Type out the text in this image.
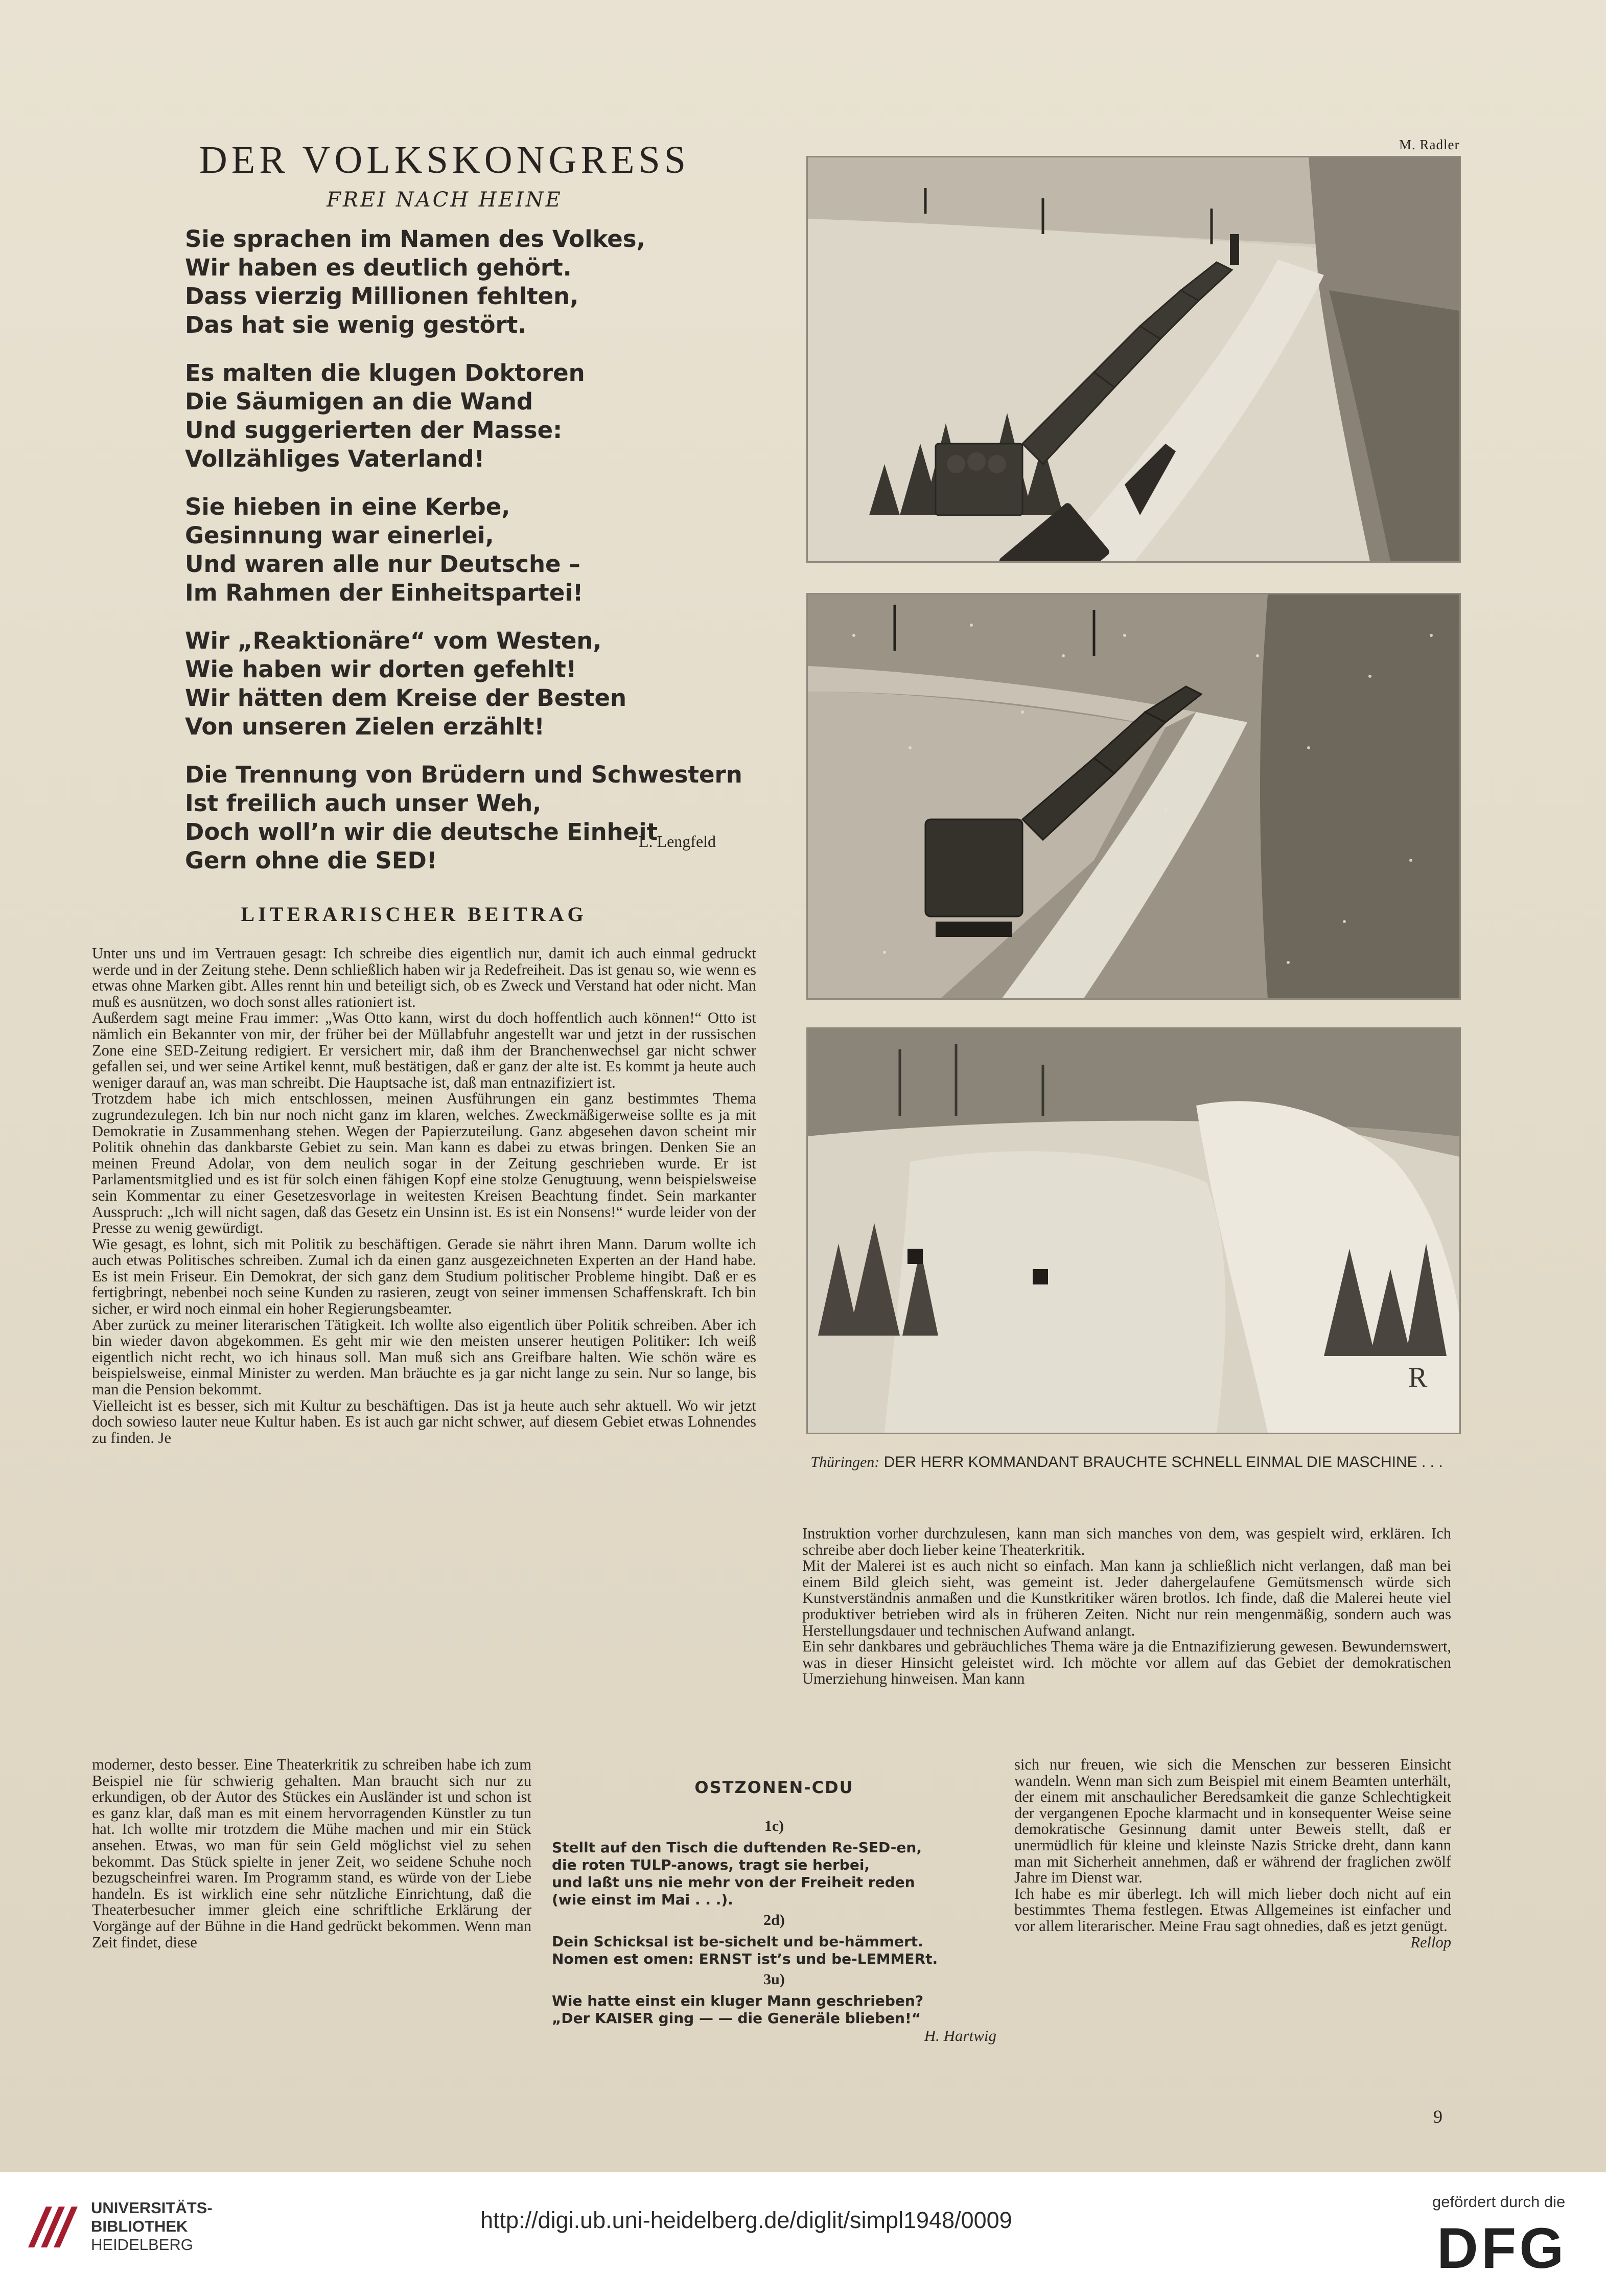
DER VOLKSKONGRESS
FREI NACH HEINE
Sie sprachen im Namen des Volkes,
Wir haben es deutlich gehört.
Dass vierzig Millionen fehlten,
Das hat sie wenig gestört.
Es malten die klugen Doktoren
Die Säumigen an die Wand
Und suggerierten der Masse:
Vollzähliges Vaterland!
Sie hieben in eine Kerbe,
Gesinnung war einerlei,
Und waren alle nur Deutsche –
Im Rahmen der Einheitspartei!
Wir „Reaktionäre“ vom Westen,
Wie haben wir dorten gefehlt!
Wir hätten dem Kreise der Besten
Von unseren Zielen erzählt!
Die Trennung von Brüdern und Schwestern
Ist freilich auch unser Weh,
Doch woll’n wir die deutsche Einheit
Gern ohne die SED!
L. Lengfeld
LITERARISCHER BEITRAG

Unter uns und im Vertrauen gesagt: Ich schreibe dies eigentlich nur, damit ich auch einmal gedruckt werde und in der Zeitung stehe. Denn schließlich haben wir ja Redefreiheit. Das ist genau so, wie wenn es etwas ohne Marken gibt. Alles rennt hin und beteiligt sich, ob es Zweck und Verstand hat oder nicht. Man muß es ausnützen, wo doch sonst alles rationiert ist.

Außerdem sagt meine Frau immer: „Was Otto kann, wirst du doch hoffentlich auch können!“ Otto ist nämlich ein Bekannter von mir, der früher bei der Müllabfuhr angestellt war und jetzt in der russischen Zone eine SED-Zeitung redigiert. Er versichert mir, daß ihm der Branchenwechsel gar nicht schwer gefallen sei, und wer seine Artikel kennt, muß bestätigen, daß er ganz der alte ist. Es kommt ja heute auch weniger darauf an, was man schreibt. Die Hauptsache ist, daß man entnazifiziert ist.

Trotzdem habe ich mich entschlossen, meinen Ausführungen ein ganz bestimmtes Thema zugrundezulegen. Ich bin nur noch nicht ganz im klaren, welches. Zweckmäßigerweise sollte es ja mit Demokratie in Zusammenhang stehen. Wegen der Papierzuteilung. Ganz abgesehen davon scheint mir Politik ohnehin das dankbarste Gebiet zu sein. Man kann es dabei zu etwas bringen. Denken Sie an meinen Freund Adolar, von dem neulich sogar in der Zeitung geschrieben wurde. Er ist Parlamentsmitglied und es ist für solch einen fähigen Kopf eine stolze Genugtuung, wenn beispielsweise sein Kommentar zu einer Gesetzesvorlage in weitesten Kreisen Beachtung findet. Sein markanter Ausspruch: „Ich will nicht sagen, daß das Gesetz ein Unsinn ist. Es ist ein Nonsens!“ wurde leider von der Presse zu wenig gewürdigt.

Wie gesagt, es lohnt, sich mit Politik zu beschäftigen. Gerade sie nährt ihren Mann. Darum wollte ich auch etwas Politisches schreiben. Zumal ich da einen ganz ausgezeichneten Experten an der Hand habe. Es ist mein Friseur. Ein Demokrat, der sich ganz dem Studium politischer Probleme hingibt. Daß er es fertigbringt, nebenbei noch seine Kunden zu rasieren, zeugt von seiner immensen Schaffenskraft. Ich bin sicher, er wird noch einmal ein hoher Regierungsbeamter.

Aber zurück zu meiner literarischen Tätigkeit. Ich wollte also eigentlich über Politik schreiben. Aber ich bin wieder davon abgekommen. Es geht mir wie den meisten unserer heutigen Politiker: Ich weiß eigentlich nicht recht, wo ich hinaus soll. Man muß sich ans Greifbare halten. Wie schön wäre es beispielsweise, einmal Minister zu werden. Man bräuchte es ja gar nicht lange zu sein. Nur so lange, bis man die Pension bekommt.

Vielleicht ist es besser, sich mit Kultur zu beschäftigen. Das ist ja heute auch sehr aktuell. Wo wir jetzt doch sowieso lauter neue Kultur haben. Es ist auch gar nicht schwer, auf diesem Gebiet etwas Lohnendes zu finden. Je

moderner, desto besser. Eine Theaterkritik zu schreiben habe ich zum Beispiel nie für schwierig gehalten. Man braucht sich nur zu erkundigen, ob der Autor des Stückes ein Ausländer ist und schon ist es ganz klar, daß man es mit einem hervorragenden Künstler zu tun hat. Ich wollte mir trotzdem die Mühe machen und mir ein Stück ansehen. Etwas, wo man für sein Geld möglichst viel zu sehen bekommt. Das Stück spielte in jener Zeit, wo seidene Schuhe noch bezugscheinfrei waren. Im Programm stand, es würde von der Liebe handeln. Es ist wirklich eine sehr nützliche Einrichtung, daß die Theaterbesucher immer gleich eine schriftliche Erklärung der Vorgänge auf der Bühne in die Hand gedrückt bekommen. Wenn man Zeit findet, diese

OSTZONEN-CDU
1c)
Stellt auf den Tisch die duftenden Re-SED-en,
die roten TULP-anows, tragt sie herbei,
und laßt uns nie mehr von der Freiheit reden
(wie einst im Mai . . .).
2d)
Dein Schicksal ist be-sichelt und be-hämmert.
Nomen est omen: ERNST ist’s und be-LEMMERt.
3u)
Wie hatte einst ein kluger Mann geschrieben?
„Der KAISER ging — — die Generäle blieben!“
H. Hartwig

Instruktion vorher durchzulesen, kann man sich manches von dem, was gespielt wird, erklären. Ich schreibe aber doch lieber keine Theaterkritik.

Mit der Malerei ist es auch nicht so einfach. Man kann ja schließlich nicht verlangen, daß man bei einem Bild gleich sieht, was gemeint ist. Jeder dahergelaufene Gemütsmensch würde sich Kunstverständnis anmaßen und die Kunstkritiker wären brotlos. Ich finde, daß die Malerei heute viel produktiver betrieben wird als in früheren Zeiten. Nicht nur rein mengenmäßig, sondern auch was Herstellungsdauer und technischen Aufwand anlangt.

Ein sehr dankbares und gebräuchliches Thema wäre ja die Entnazifizierung gewesen. Bewundernswert, was in dieser Hinsicht geleistet wird. Ich möchte vor allem auf das Gebiet der demokratischen Umerziehung hinweisen. Man kann

sich nur freuen, wie sich die Menschen zur besseren Einsicht wandeln. Wenn man sich zum Beispiel mit einem Beamten unterhält, der einem mit anschaulicher Beredsamkeit die ganze Schlechtigkeit der vergangenen Epoche klarmacht und in konsequenter Weise seine demokratische Gesinnung damit unter Beweis stellt, daß er unermüdlich für kleine und kleinste Nazis Stricke dreht, dann kann man mit Sicherheit annehmen, daß er während der fraglichen zwölf Jahre im Dienst war.

Ich habe es mir überlegt. Ich will mich lieber doch nicht auf ein bestimmtes Thema festlegen. Etwas Allgemeines ist einfacher und vor allem literarischer. Meine Frau sagt ohnedies, daß es jetzt genügt.

Rellop

M. Radler
R
Thüringen: DER HERR KOMMANDANT BRAUCHTE SCHNELL EINMAL DIE MASCHINE . . .
9
UNIVERSITÄTS-
BIBLIOTHEK
HEIDELBERG
http://digi.ub.uni-heidelberg.de/diglit/simpl1948/0009
gefördert durch die
DFG
